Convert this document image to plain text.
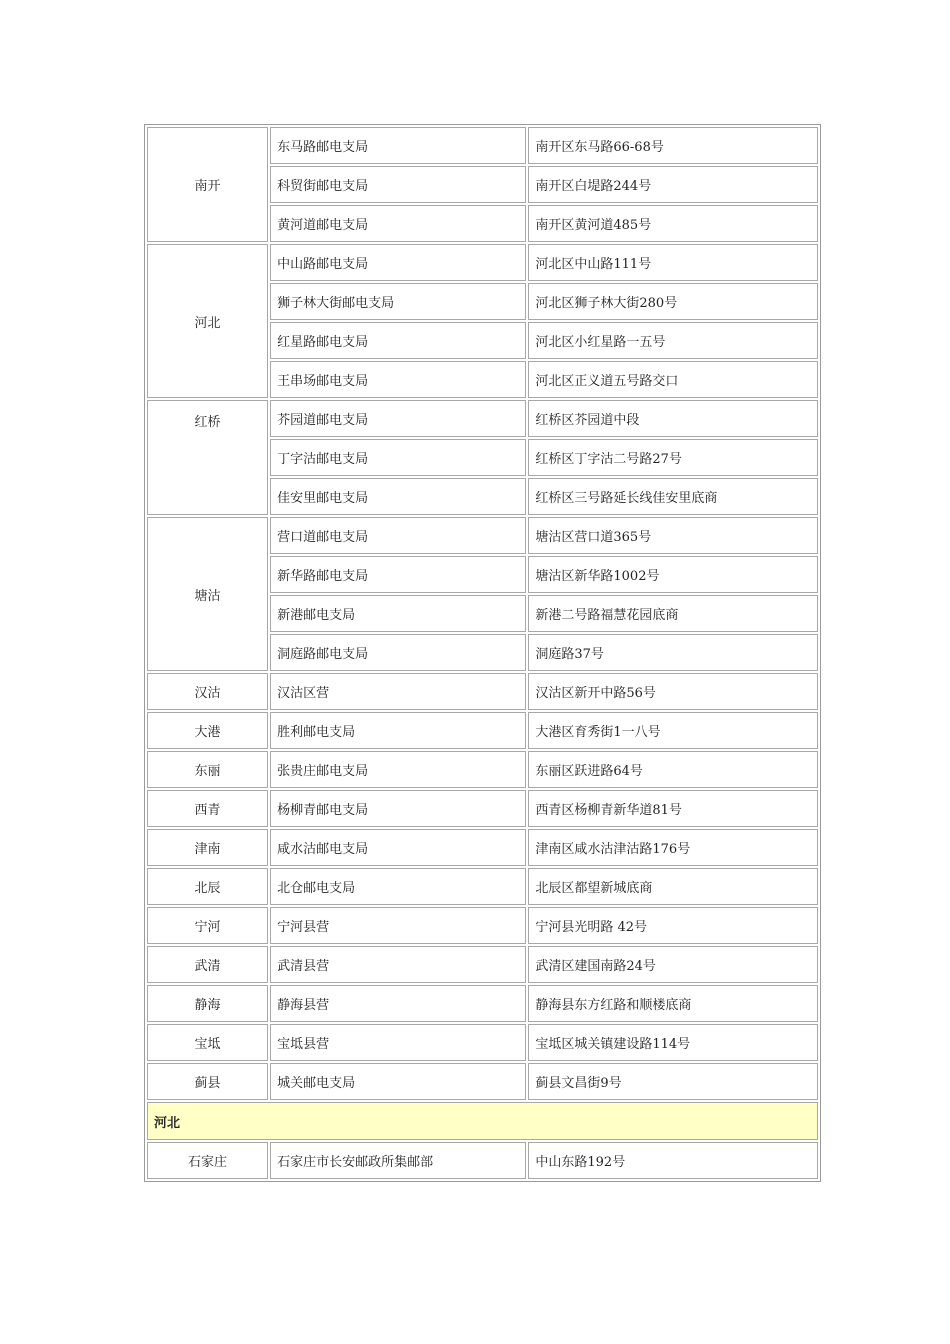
南开	东马路邮电支局	南开区东马路66-68号
	科贸街邮电支局	南开区白堤路244号
	黄河道邮电支局	南开区黄河道485号
河北	中山路邮电支局	河北区中山路111号
	狮子林大街邮电支局	河北区狮子林大街280号
	红星路邮电支局	河北区小红星路一五号
	王串场邮电支局	河北区正义道五号路交口
红桥	芥园道邮电支局	红桥区芥园道中段
	丁字沽邮电支局	红桥区丁字沽二号路27号
	佳安里邮电支局	红桥区三号路延长线佳安里底商
塘沽	营口道邮电支局	塘沽区营口道365号
	新华路邮电支局	塘沽区新华路1002号
	新港邮电支局	新港二号路福慧花园底商
	洞庭路邮电支局	洞庭路37号
汉沽	汉沽区营	汉沽区新开中路56号
大港	胜利邮电支局	大港区育秀街1一八号
东丽	张贵庄邮电支局	东丽区跃进路64号
西青	杨柳青邮电支局	西青区杨柳青新华道81号
津南	咸水沽邮电支局	津南区咸水沽津沽路176号
北辰	北仓邮电支局	北辰区都望新城底商
宁河	宁河县营	宁河县光明路 42号
武清	武清县营	武清区建国南路24号
静海	静海县营	静海县东方红路和顺楼底商
宝坻	宝坻县营	宝坻区城关镇建设路114号
蓟县	城关邮电支局	蓟县文昌街9号
河北		
石家庄	石家庄市长安邮政所集邮部	中山东路192号
